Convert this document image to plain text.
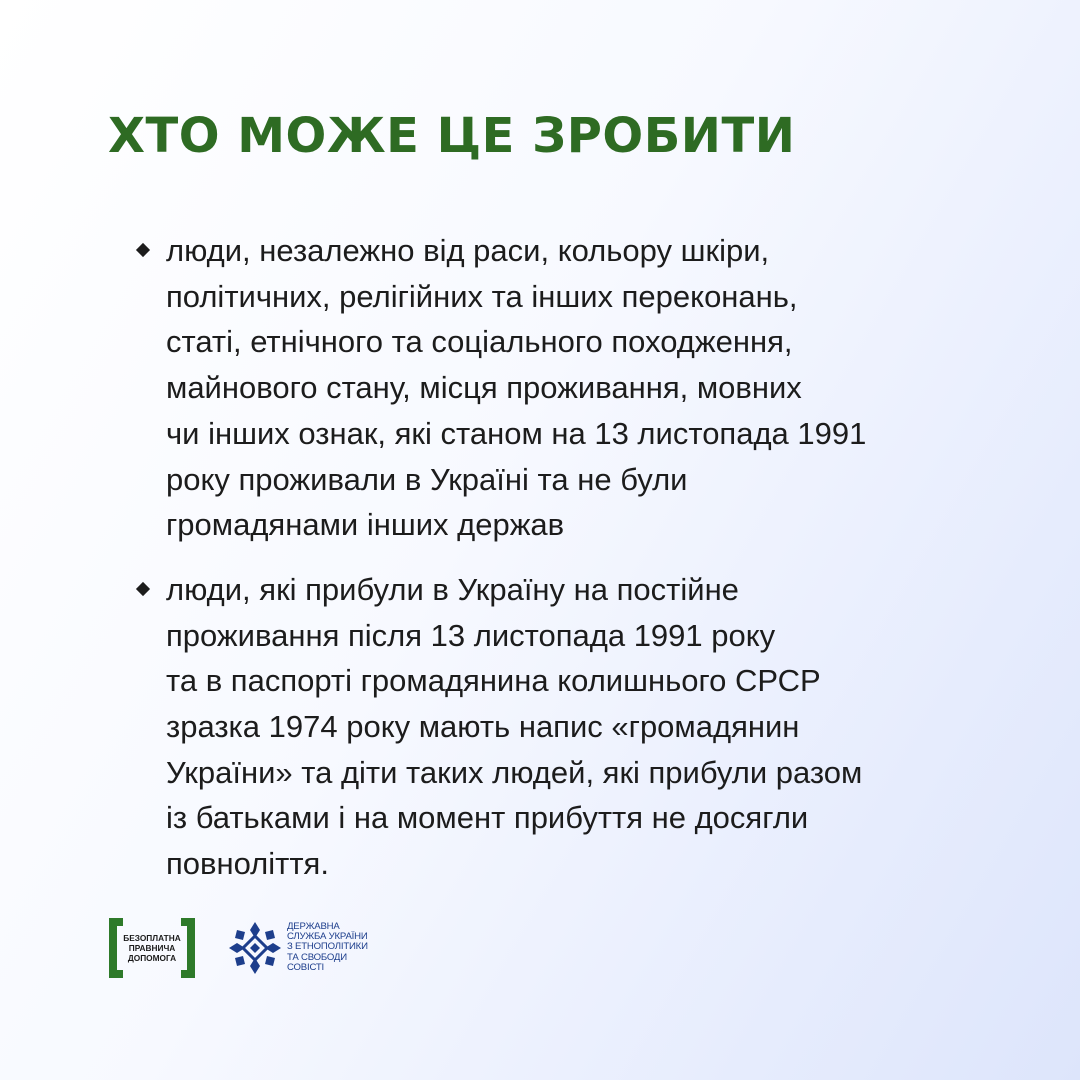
ХТО МОЖЕ ЦЕ ЗРОБИТИ
люди, незалежно від раси, кольору шкіри,
політичних, релігійних та інших переконань,
статі, етнічного та соціального походження,
майнового стану, місця проживання, мовних
чи інших ознак, які станом на 13 листопада 1991
року проживали в Україні та не були
громадянами інших держав
люди, які прибули в Україну на постійне
проживання після 13 листопада 1991 року
та в паспорті громадянина колишнього СРСР
зразка 1974 року мають напис «громадянин
України» та діти таких людей, які прибули разом
із батьками і на момент прибуття не досягли
повноліття.
БЕЗОПЛАТНА
ПРАВНИЧА
ДОПОМОГА
ДЕРЖАВНА
СЛУЖБА УКРАЇНИ
З ЕТНОПОЛІТИКИ
ТА СВОБОДИ
СОВІСТІ
